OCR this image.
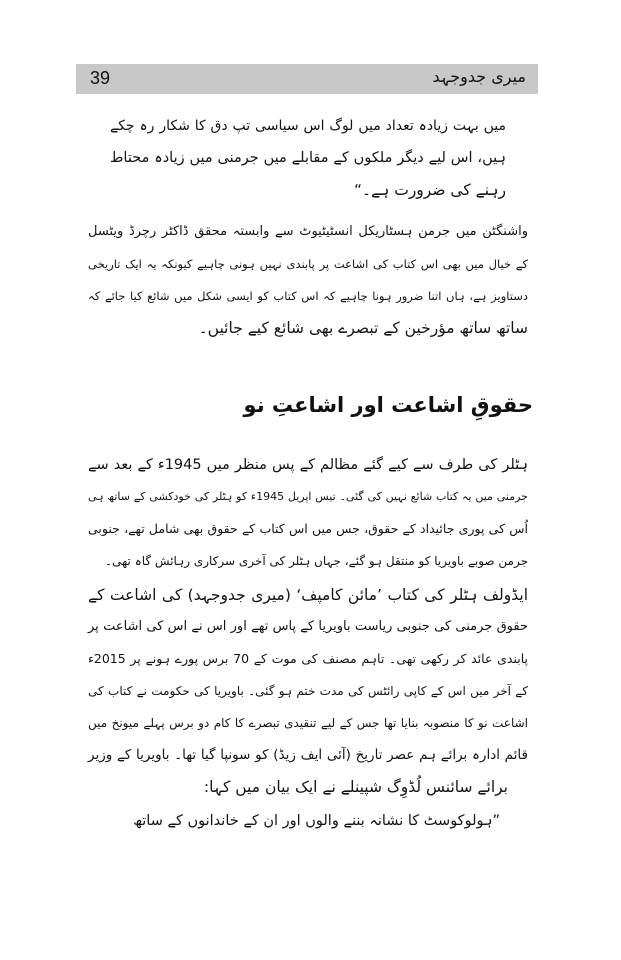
39	میری جدوجہد
میں بہت زیادہ تعداد میں لوگ اس سیاسی تپ دق کا شکار رہ چکے
ہیں، اس لیے دیگر ملکوں کے مقابلے میں جرمنی میں زیادہ محتاط
رہنے کی ضرورت ہے۔“
واشنگٹن میں جرمن ہسٹاریکل انسٹیٹیوٹ سے وابستہ محقق ڈاکٹر رچرڈ ویٹسل
کے خیال میں بھی اس کتاب کی اشاعت پر پابندی نہیں ہونی چاہیے کیونکہ یہ ایک تاریخی
دستاویز ہے، ہاں اتنا ضرور ہونا چاہیے کہ اس کتاب کو ایسی شکل میں شائع کیا جائے کہ
ساتھ ساتھ مؤرخین کے تبصرے بھی شائع کیے جائیں۔
حقوقِ اشاعت اور اشاعتِ نو
ہٹلر کی طرف سے کیے گئے مظالم کے پس منظر میں 1945ء کے بعد سے
جرمنی میں یہ کتاب شائع نہیں کی گئی۔ تیس اپریل 1945ء کو ہٹلر کی خودکشی کے ساتھ ہی
اُس کی پوری جائیداد کے حقوق، جس میں اس کتاب کے حقوق بھی شامل تھے، جنوبی
جرمن صوبے باویریا کو منتقل ہو گئے، جہاں ہٹلر کی آخری سرکاری رہائش گاہ تھی۔
ایڈولف ہٹلر کی کتاب ’مائن کامپف‘ (میری جدوجہد) کی اشاعت کے
حقوق جرمنی کی جنوبی ریاست باویریا کے پاس تھے اور اس نے اس کی اشاعت پر
پابندی عائد کر رکھی تھی۔ تاہم مصنف کی موت کے 70 برس پورے ہونے پر 2015ء
کے آخر میں اس کے کاپی رائٹس کی مدت ختم ہو گئی۔ باویریا کی حکومت نے کتاب کی
اشاعت نو کا منصوبہ بنایا تھا جس کے لیے تنقیدی تبصرے کا کام دو برس پہلے میونخ میں
قائم ادارہ برائے ہم عصر تاریخ (آئی ایف زیڈ) کو سونپا گیا تھا۔ باویریا کے وزیر
برائے سائنس لُڈوِگ شپینلے نے ایک بیان میں کہا:
”ہولوکوسٹ کا نشانہ بننے والوں اور ان کے خاندانوں کے ساتھ
